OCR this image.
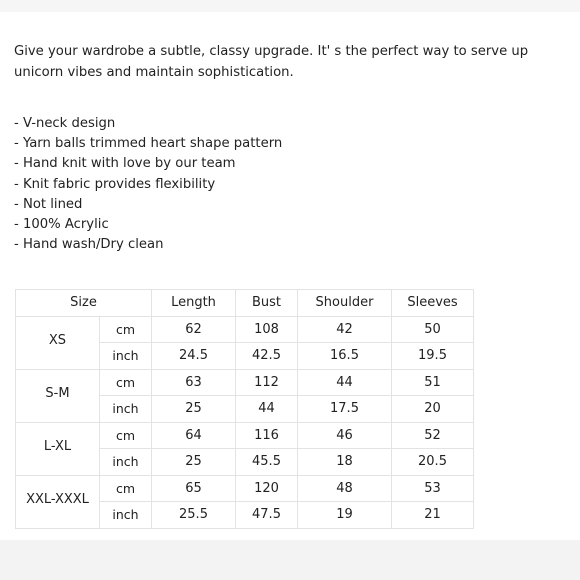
Give your wardrobe a subtle, classy upgrade. It' s the perfect way to serve up unicorn vibes and maintain sophistication.

- V-neck design
- Yarn balls trimmed heart shape pattern
- Hand knit with love by our team
- Knit fabric provides flexibility
- Not lined
- 100% Acrylic
- Hand wash/Dry clean
Size		Length	Bust	Shoulder	Sleeves
XS	cm	62	108	42	50
	inch	24.5	42.5	16.5	19.5
S-M	cm	63	112	44	51
	inch	25	44	17.5	20
L-XL	cm	64	116	46	52
	inch	25	45.5	18	20.5
XXL-XXXL	cm	65	120	48	53
	inch	25.5	47.5	19	21
